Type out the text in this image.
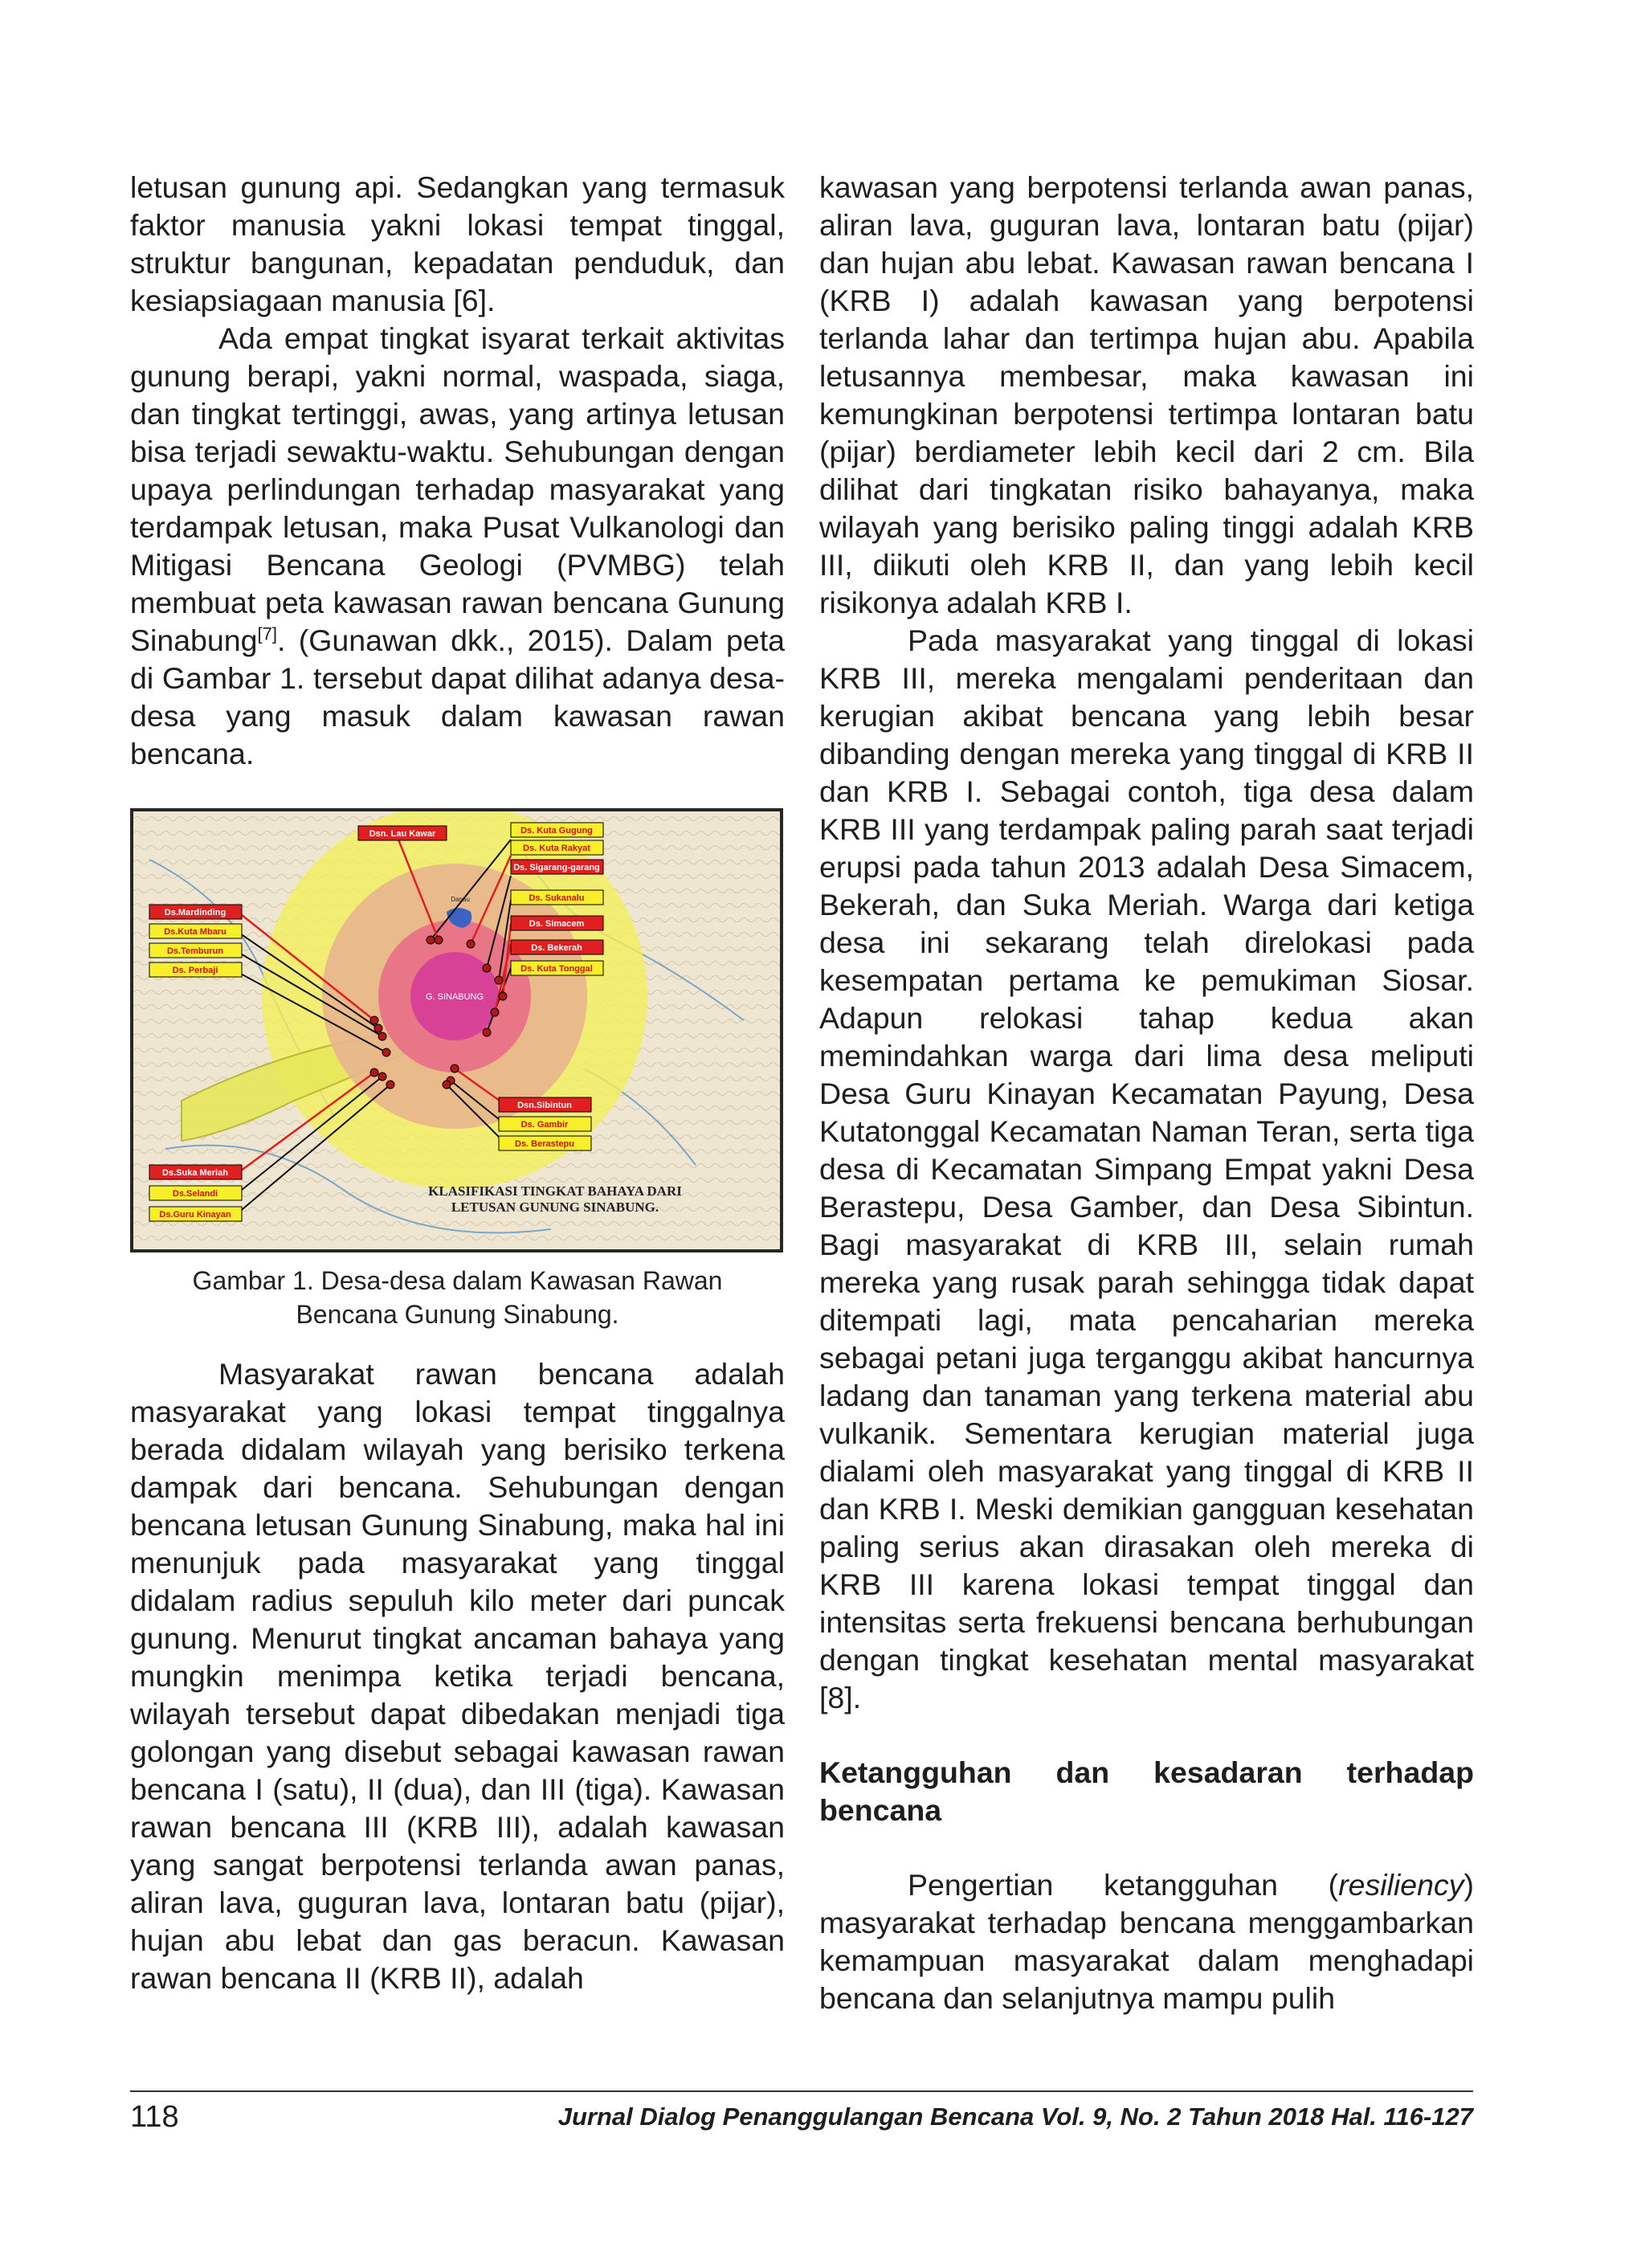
letusan gunung api. Sedangkan yang termasuk faktor manusia yakni lokasi tempat tinggal, struktur bangunan, kepadatan penduduk, dan kesiapsiagaan manusia [6].

Ada empat tingkat isyarat terkait aktivitas gunung berapi, yakni normal, waspada, siaga, dan tingkat tertinggi, awas, yang artinya letusan bisa terjadi sewaktu-waktu. Sehubungan dengan upaya perlindungan terhadap masyarakat yang terdampak letusan, maka Pusat Vulkanologi dan Mitigasi Bencana Geologi (PVMBG) telah membuat peta kawasan rawan bencana Gunung Sinabung[7]. (Gunawan dkk., 2015). Dalam peta di Gambar 1. tersebut dapat dilihat adanya desa- desa yang masuk dalam kawasan rawan bencana.

G. SINABUNG
Danau
Dsn. Lau Kawar
Ds.Mardinding
Ds.Kuta Mbaru
Ds.Temburun
Ds. Perbaji
Ds. Kuta Gugung
Ds. Kuta Rakyat
Ds. Sigarang-garang
Ds. Sukanalu
Ds. Simacem
Ds. Bekerah
Ds. Kuta Tonggal
Dsn.Sibintun
Ds. Gambir
Ds. Berastepu
Ds.Suka Meriah
Ds.Selandi
Ds.Guru Kinayan
KLASIFIKASI TINGKAT BAHAYA DARI
LETUSAN GUNUNG SINABUNG.

Gambar 1. Desa-desa dalam Kawasan Rawan
Bencana Gunung Sinabung.

Masyarakat rawan bencana adalah masyarakat yang lokasi tempat tinggalnya berada didalam wilayah yang berisiko terkena dampak dari bencana. Sehubungan dengan bencana letusan Gunung Sinabung, maka hal ini menunjuk pada masyarakat yang tinggal didalam radius sepuluh kilo meter dari puncak gunung. Menurut tingkat ancaman bahaya yang mungkin menimpa ketika terjadi bencana, wilayah tersebut dapat dibedakan menjadi tiga golongan yang disebut sebagai kawasan rawan bencana I (satu), II (dua), dan III (tiga). Kawasan rawan bencana III (KRB III), adalah kawasan yang sangat berpotensi terlanda awan panas, aliran lava, guguran lava, lontaran batu (pijar), hujan abu lebat dan gas beracun. Kawasan rawan bencana II (KRB II), adalah

kawasan yang berpotensi terlanda awan panas, aliran lava, guguran lava, lontaran batu (pijar) dan hujan abu lebat. Kawasan rawan bencana I (KRB I) adalah kawasan yang berpotensi terlanda lahar dan tertimpa hujan abu. Apabila letusannya membesar, maka kawasan ini kemungkinan berpotensi tertimpa lontaran batu (pijar) berdiameter lebih kecil dari 2 cm. Bila dilihat dari tingkatan risiko bahayanya, maka wilayah yang berisiko paling tinggi adalah KRB III, diikuti oleh KRB II, dan yang lebih kecil risikonya adalah KRB I.

Pada masyarakat yang tinggal di lokasi KRB III, mereka mengalami penderitaan dan kerugian akibat bencana yang lebih besar dibanding dengan mereka yang tinggal di KRB II dan KRB I. Sebagai contoh, tiga desa dalam KRB III yang terdampak paling parah saat terjadi erupsi pada tahun 2013 adalah Desa Simacem, Bekerah, dan Suka Meriah. Warga dari ketiga desa ini sekarang telah direlokasi pada kesempatan pertama ke pemukiman Siosar. Adapun relokasi tahap kedua akan memindahkan warga dari lima desa meliputi Desa Guru Kinayan Kecamatan Payung, Desa Kutatonggal Kecamatan Naman Teran, serta tiga desa di Kecamatan Simpang Empat yakni Desa Berastepu, Desa Gamber, dan Desa Sibintun. Bagi masyarakat di KRB III, selain rumah mereka yang rusak parah sehingga tidak dapat ditempati lagi, mata pencaharian mereka sebagai petani juga terganggu akibat hancurnya ladang dan tanaman yang terkena material abu vulkanik. Sementara kerugian material juga dialami oleh masyarakat yang tinggal di KRB II dan KRB I. Meski demikian gangguan kesehatan paling serius akan dirasakan oleh mereka di KRB III karena lokasi tempat tinggal dan intensitas serta frekuensi bencana berhubungan dengan tingkat kesehatan mental masyarakat [8].

Ketangguhan dan kesadaran terhadap bencana

Pengertian ketangguhan (resiliency) masyarakat terhadap bencana menggambarkan kemampuan masyarakat dalam menghadapi bencana dan selanjutnya mampu pulih

118	Jurnal Dialog Penanggulangan Bencana Vol. 9, No. 2 Tahun 2018 Hal. 116-127
